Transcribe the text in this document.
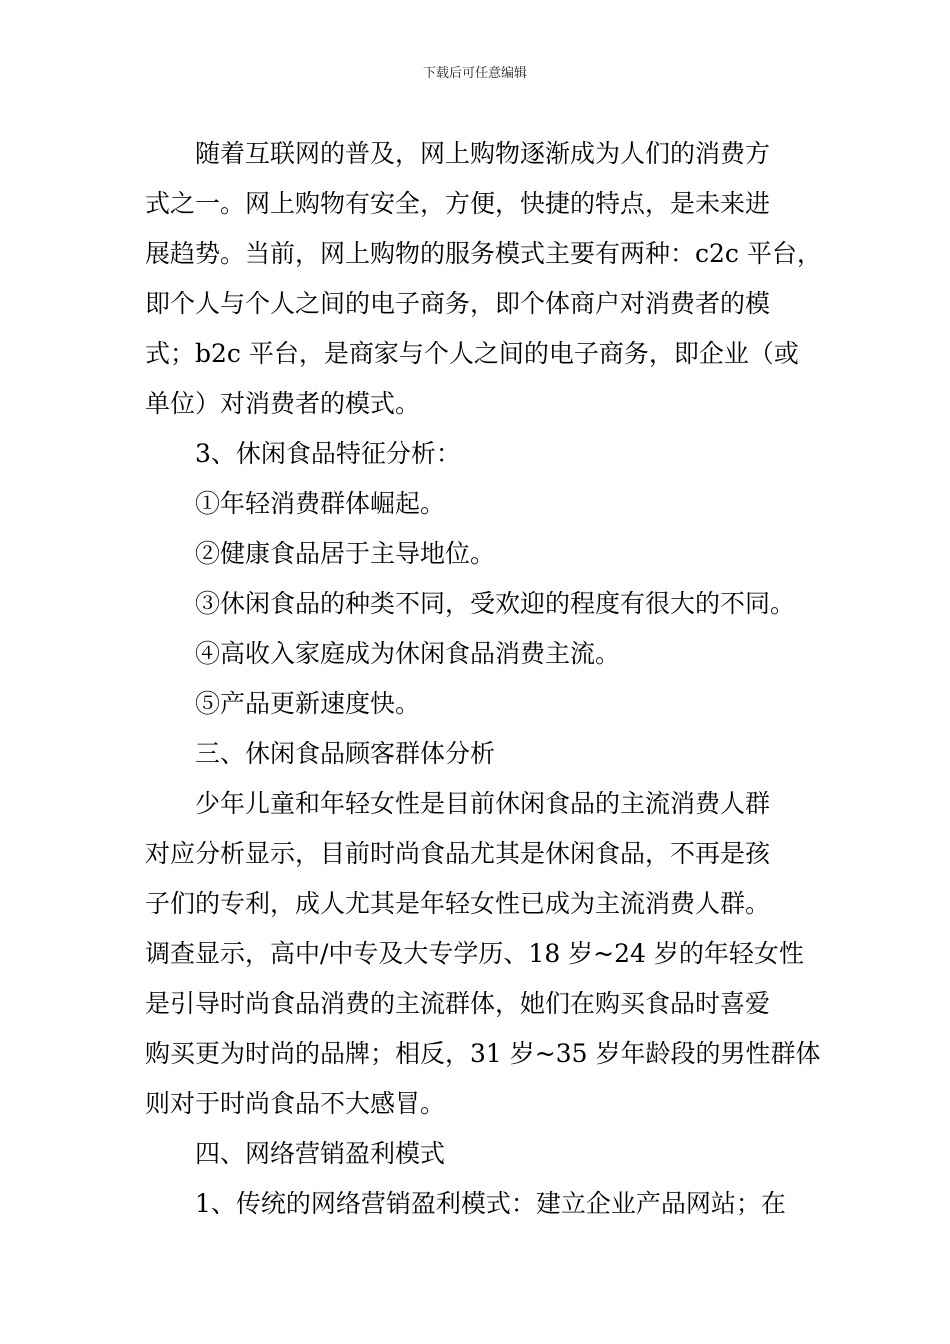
下载后可任意编辑
随着互联网的普及，网上购物逐渐成为人们的消费方
式之一。网上购物有安全，方便，快捷的特点，是未来进
展趋势。当前，网上购物的服务模式主要有两种：c2c 平台，
即个人与个人之间的电子商务，即个体商户对消费者的模
式；b2c 平台，是商家与个人之间的电子商务，即企业（或
单位）对消费者的模式。
3、休闲食品特征分析：
①年轻消费群体崛起。
②健康食品居于主导地位。
③休闲食品的种类不同，受欢迎的程度有很大的不同。
④高收入家庭成为休闲食品消费主流。
⑤产品更新速度快。
三、休闲食品顾客群体分析
少年儿童和年轻女性是目前休闲食品的主流消费人群
对应分析显示，目前时尚食品尤其是休闲食品，不再是孩
子们的专利，成人尤其是年轻女性已成为主流消费人群。
调查显示，高中/中专及大专学历、18 岁~24 岁的年轻女性
是引导时尚食品消费的主流群体，她们在购买食品时喜爱
购买更为时尚的品牌；相反，31 岁~35 岁年龄段的男性群体
则对于时尚食品不大感冒。
四、网络营销盈利模式
1、传统的网络营销盈利模式：建立企业产品网站；在
